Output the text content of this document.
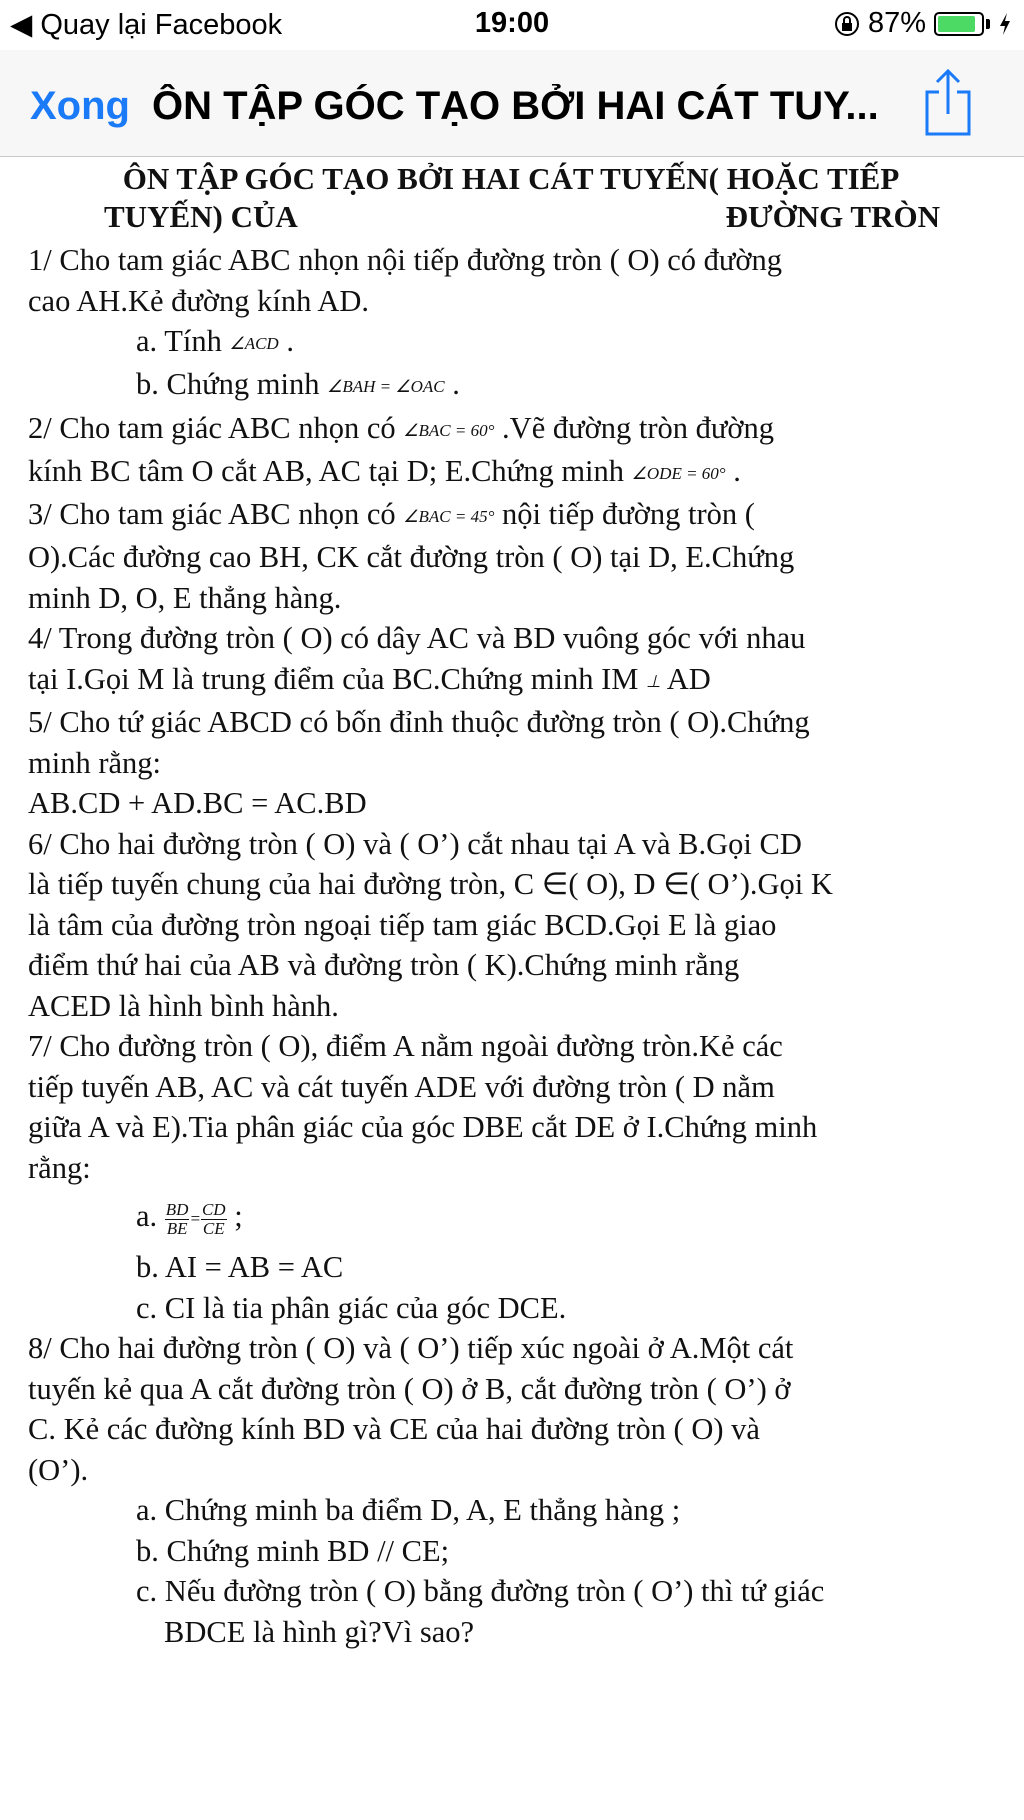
◀ Quay lại Facebook	19:00	87%
Xong ÔN TẬP GÓC TẠO BỞI HAI CÁT TUY...

ÔN TẬP GÓC TẠO BỞI HAI CÁT TUYẾN( HOẶC TIẾP

TUYẾN) CỦA	ĐƯỜNG TRÒN

1/ Cho tam giác ABC nhọn nội tiếp đường tròn ( O) có đường

cao AH.Kẻ đường kính AD.

a. Tính ∠ACD .

b. Chứng minh ∠BAH = ∠OAC .

2/ Cho tam giác ABC nhọn có ∠BAC = 60° .Vẽ đường tròn đường

kính BC tâm O cắt AB, AC tại D; E.Chứng minh ∠ODE = 60° .

3/ Cho tam giác ABC nhọn có ∠BAC = 45° nội tiếp đường tròn (

O).Các đường cao BH, CK cắt đường tròn ( O) tại D, E.Chứng

minh D, O, E thẳng hàng.

4/ Trong đường tròn ( O) có dây AC và BD vuông góc với nhau

tại I.Gọi M là trung điểm của BC.Chứng minh IM ⊥ AD

5/ Cho tứ giác ABCD có bốn đỉnh thuộc đường tròn ( O).Chứng

minh rằng:

AB.CD + AD.BC = AC.BD

6/ Cho hai đường tròn ( O) và ( O’) cắt nhau tại A và B.Gọi CD

là tiếp tuyến chung của hai đường tròn, C ∈( O), D ∈( O’).Gọi K

là tâm của đường tròn ngoại tiếp tam giác BCD.Gọi E là giao

điểm thứ hai của AB và đường tròn ( K).Chứng minh rằng

ACED là hình bình hành.

7/ Cho đường tròn ( O), điểm A nằm ngoài đường tròn.Kẻ các

tiếp tuyến AB, AC và cát tuyến ADE với đường tròn ( D nằm

giữa A và E).Tia phân giác của góc DBE cắt DE ở I.Chứng minh

rằng:

a. $\frac{BD}{BE} = \frac{CD}{CE}$ ;

b. AI = AB = AC

c. CI là tia phân giác của góc DCE.

8/ Cho hai đường tròn ( O) và ( O’) tiếp xúc ngoài ở A.Một cát

tuyến kẻ qua A cắt đường tròn ( O) ở B, cắt đường tròn ( O’) ở

C. Kẻ các đường kính BD và CE của hai đường tròn ( O) và

(O’).

a. Chứng minh ba điểm D, A, E thẳng hàng ;

b. Chứng minh BD // CE;

c. Nếu đường tròn ( O) bằng đường tròn ( O’) thì tứ giác

BDCE là hình gì?Vì sao?
